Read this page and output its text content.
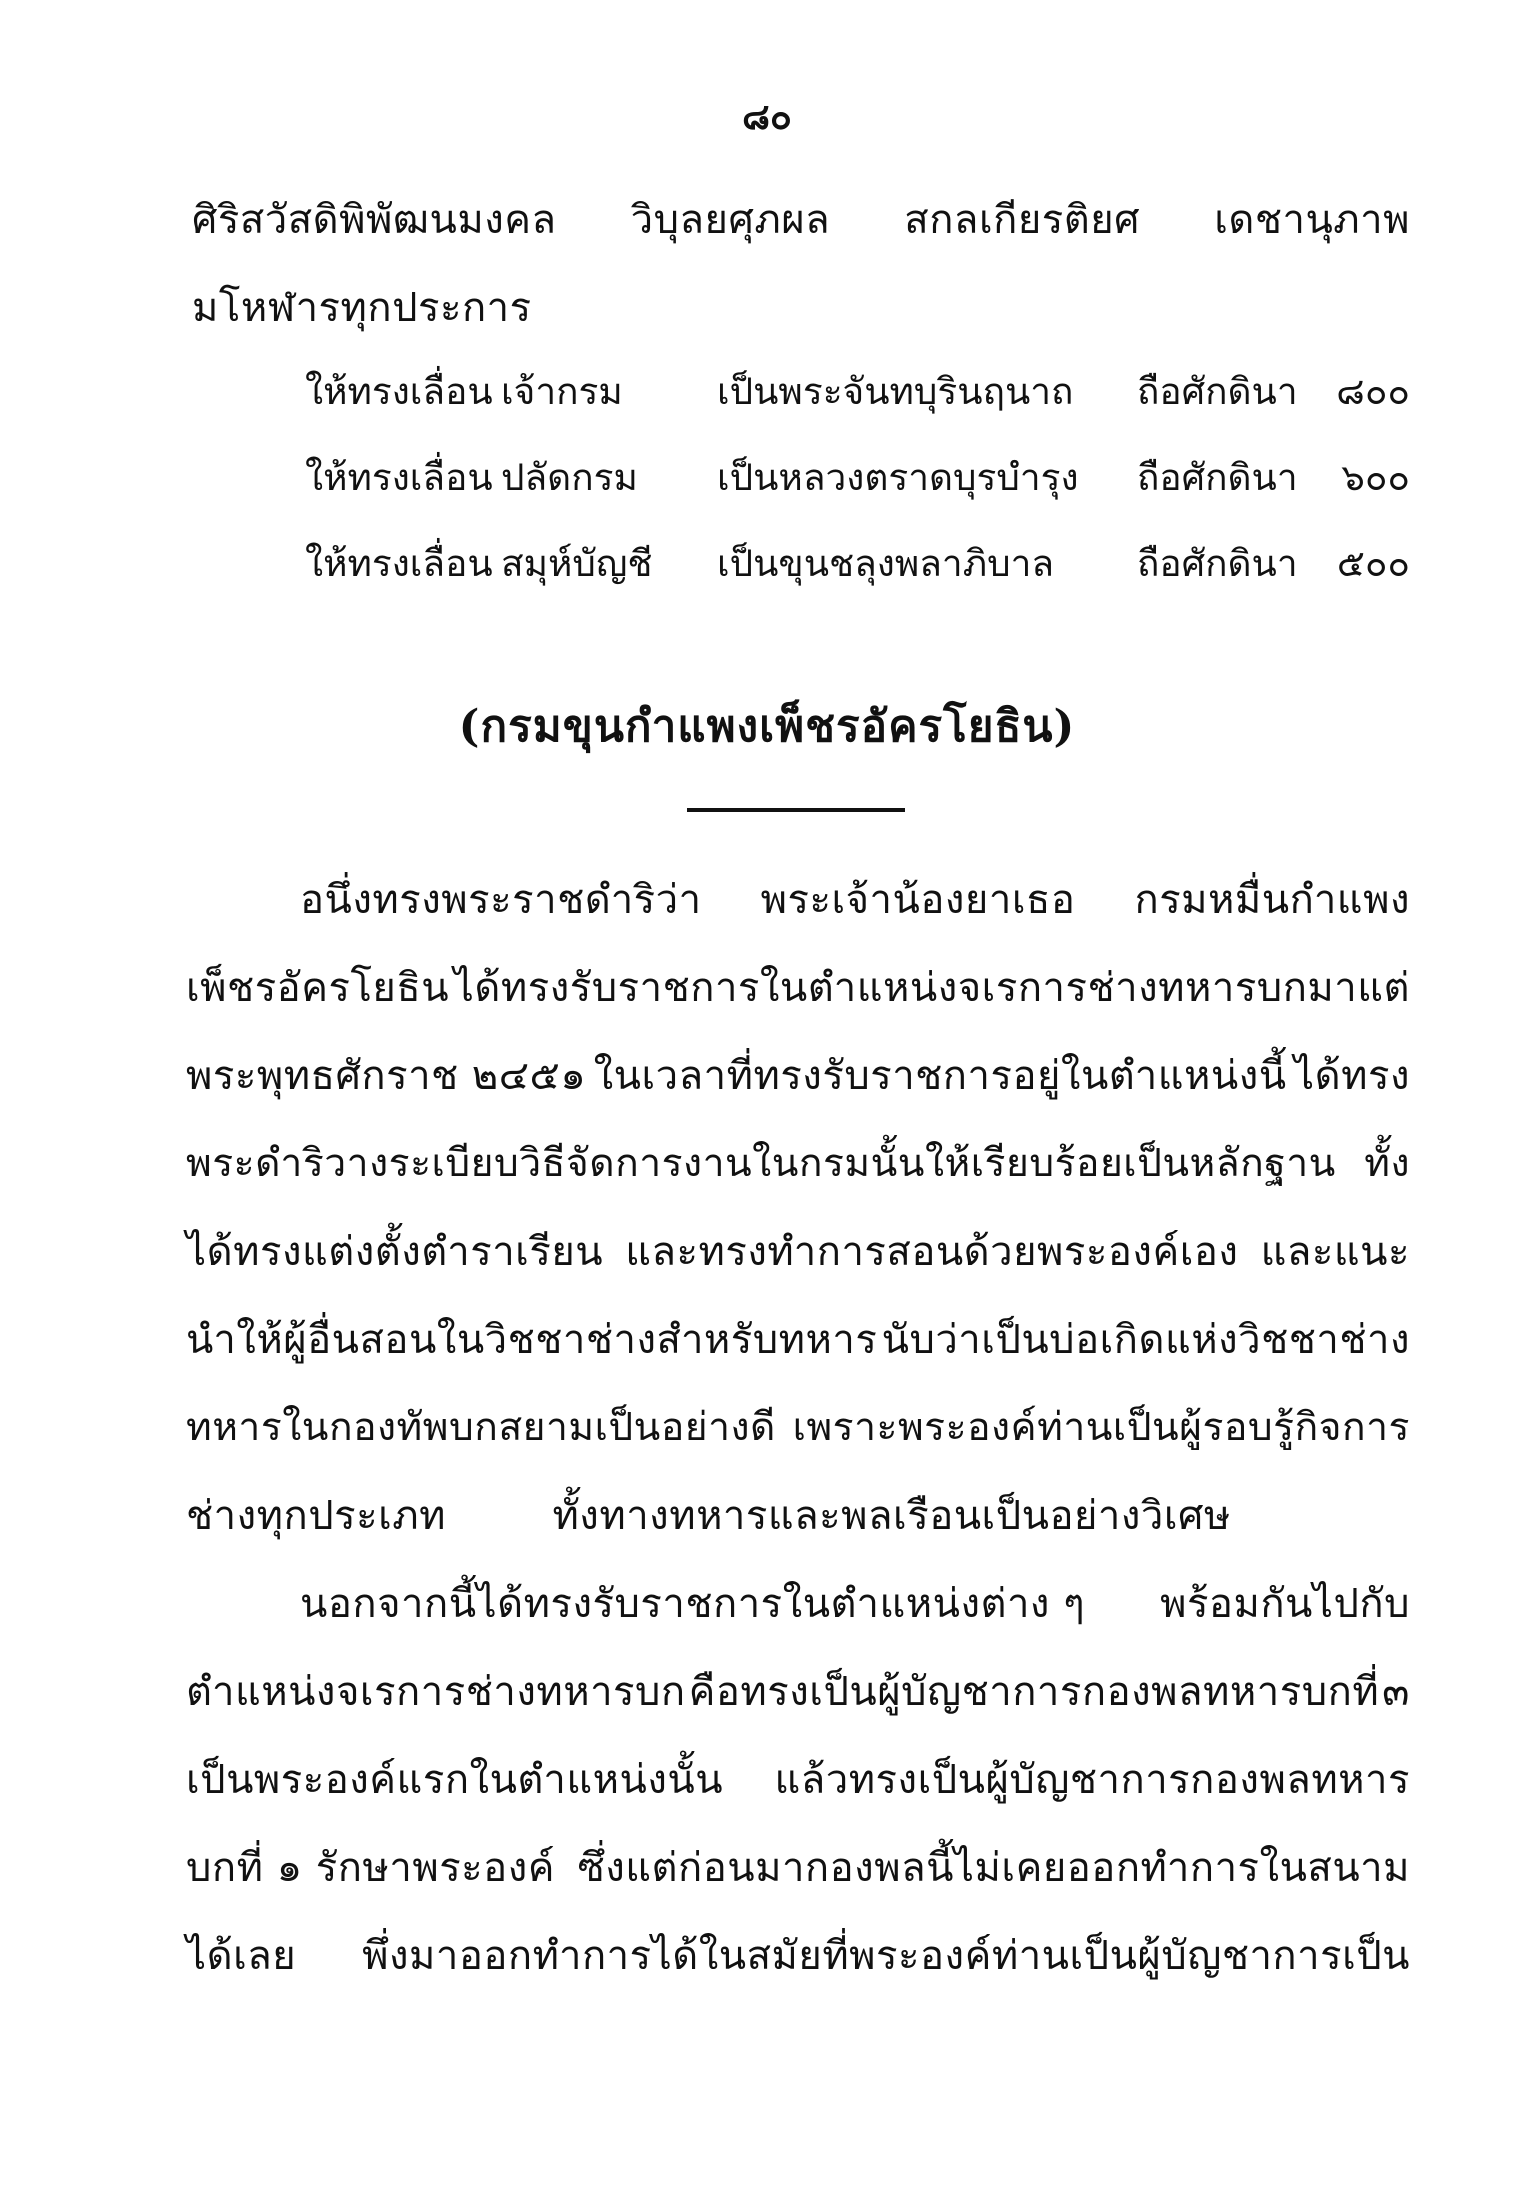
๘๐
ศิริสวัสดิพิพัฒนมงคล วิบุลยศุภผล สกลเกียรติยศ เดชานุภาพ
มโหฬารทุกประการ
ให้ทรงเลื่อน เจ้ากรม	เป็นพระจันทบุรินฤนาถ ถือศักดินา ๘๐๐
ให้ทรงเลื่อน ปลัดกรม เป็นหลวงตราดบุรบำรุง ถือศักดินา ๖๐๐
ให้ทรงเลื่อน สมุห์บัญชี เป็นขุนชลุงพลาภิบาล ถือศักดินา ๕๐๐
(กรมขุนกำแพงเพ็ชรอัครโยธิน)
อนึ่งทรงพระราชดำริว่า พระเจ้าน้องยาเธอ กรมหมื่นกำแพง
เพ็ชรอัครโยธิน ได้ทรงรับราชการในตำแหน่งจเรการช่างทหารบกมาแต่
พระพุทธศักราช ๒๔๕๑ ในเวลาที่ทรงรับราชการอยู่ในตำแหน่งนี้ ได้ทรง
พระดำริวางระเบียบวิธีจัดการงานในกรมนั้นให้เรียบร้อยเป็นหลักฐาน ทั้ง
ได้ทรงแต่งตั้งตำราเรียน และทรงทำการสอนด้วยพระองค์เอง และแนะ
นำให้ผู้อื่นสอนในวิชชาช่างสำหรับทหาร นับว่าเป็นบ่อเกิดแห่งวิชชาช่าง
ทหารในกองทัพบกสยามเป็นอย่างดี เพราะพระองค์ท่านเป็นผู้รอบรู้กิจการ
ช่างทุกประเภท	ทั้งทางทหารและพลเรือนเป็นอย่างวิเศษ
นอกจากนี้ได้ทรงรับราชการในตำแหน่งต่าง ๆ พร้อมกันไปกับ
ตำแหน่งจเรการช่างทหารบก คือทรงเป็นผู้บัญชาการกองพลทหารบกที่ ๓
เป็นพระองค์แรกในตำแหน่งนั้น แล้วทรงเป็นผู้บัญชาการกองพลทหาร
บกที่ ๑ รักษาพระองค์ ซึ่งแต่ก่อนมากองพลนี้ไม่เคยออกทำการในสนาม
ได้เลย พึ่งมาออกทำการได้ในสมัยที่พระองค์ท่านเป็นผู้บัญชาการเป็น
